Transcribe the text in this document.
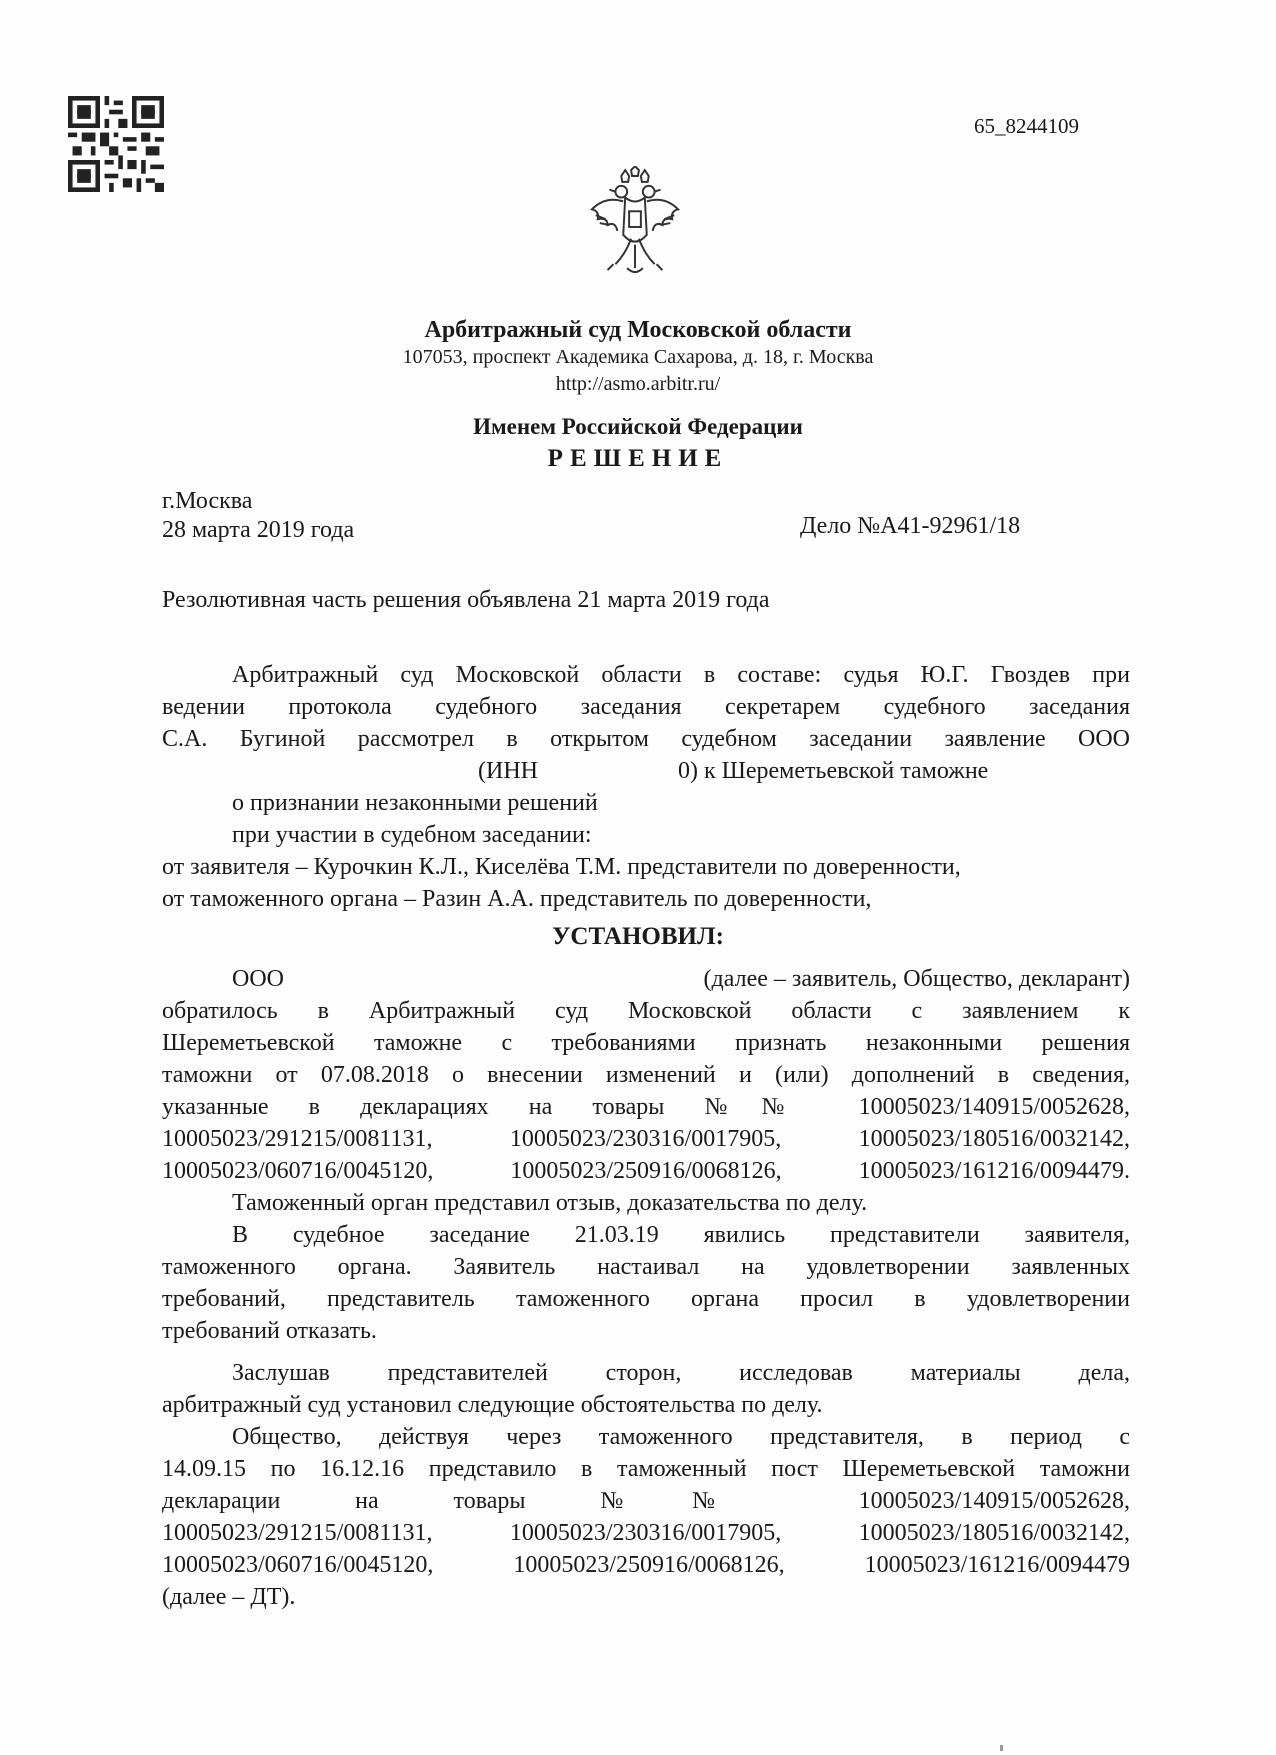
65_8244109
Арбитражный суд Московской области
107053, проспект Академика Сахарова, д. 18, г. Москва
http://asmo.arbitr.ru/
Именем Российской Федерации
РЕШЕНИЕ
г.Москва
28 марта 2019 года	Дело №А41-92961/18
Резолютивная часть решения объявлена 21 марта 2019 года
Арбитражный суд Московской области в составе: судья Ю.Г. Гвоздев при
ведении протокола судебного заседания секретарем судебного заседания
С.А. Бугиной рассмотрел в открытом судебном заседании заявление ООО
(ИНН	0) к Шереметьевской таможне
о признании незаконными решений
при участии в судебном заседании:
от заявителя – Курочкин К.Л., Киселёва Т.М. представители по доверенности,
от таможенного органа – Разин А.А. представитель по доверенности,
УСТАНОВИЛ:
ООО	(далее – заявитель, Общество, декларант)
обратилось в Арбитражный суд Московской области с заявлением к
Шереметьевской таможне с требованиями признать незаконными решения
таможни от 07.08.2018 о внесении изменений и (или) дополнений в сведения,
указанные в декларациях на товары №№ 10005023/140915/0052628,
10005023/291215/0081131, 10005023/230316/0017905, 10005023/180516/0032142,
10005023/060716/0045120, 10005023/250916/0068126, 10005023/161216/0094479.
Таможенный орган представил отзыв, доказательства по делу.
В судебное заседание 21.03.19 явились представители заявителя,
таможенного органа. Заявитель настаивал на удовлетворении заявленных
требований, представитель таможенного органа просил в удовлетворении
требований отказать.
Заслушав представителей сторон, исследовав материалы дела,
арбитражный суд установил следующие обстоятельства по делу.
Общество, действуя через таможенного представителя, в период с
14.09.15 по 16.12.16 представило в таможенный пост Шереметьевской таможни
декларации на товары №№ 10005023/140915/0052628,
10005023/291215/0081131, 10005023/230316/0017905, 10005023/180516/0032142,
10005023/060716/0045120, 10005023/250916/0068126, 10005023/161216/0094479
(далее – ДТ).
